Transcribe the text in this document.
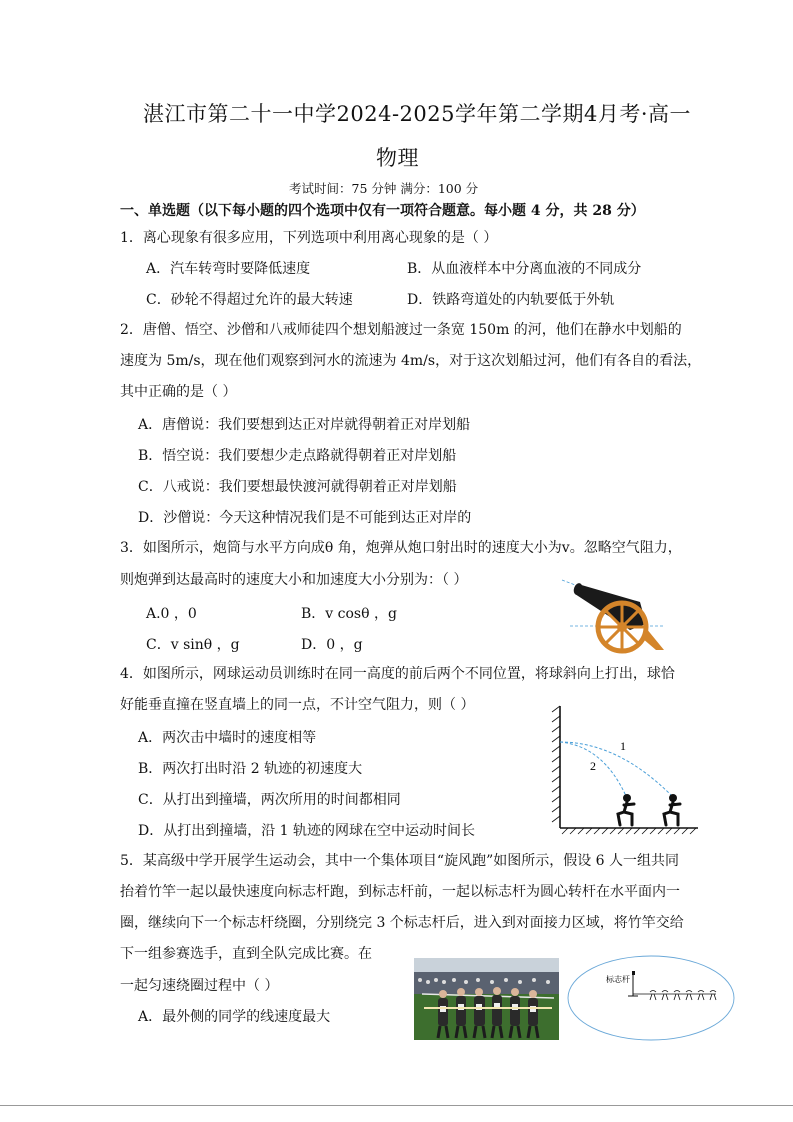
湛江市第二十一中学2024-2025学年第二学期4月考·高一
物理
考试时间：75 分钟 满分：100 分
一、单选题（以下每小题的四个选项中仅有一项符合题意。每小题 4 分，共 28 分）
1．离心现象有很多应用，下列选项中利用离心现象的是（ ）
A．汽车转弯时要降低速度	B．从血液样本中分离血液的不同成分
C．砂轮不得超过允许的最大转速	D．铁路弯道处的内轨要低于外轨
2．唐僧、悟空、沙僧和八戒师徒四个想划船渡过一条宽 150m 的河，他们在静水中划船的
速度为 5m/s，现在他们观察到河水的流速为 4m/s，对于这次划船过河，他们有各自的看法，
其中正确的是（ ）
A．唐僧说：我们要想到达正对岸就得朝着正对岸划船
B．悟空说：我们要想少走点路就得朝着正对岸划船
C．八戒说：我们要想最快渡河就得朝着正对岸划船
D．沙僧说：今天这种情况我们是不可能到达正对岸的
3．如图所示，炮筒与水平方向成θ 角，炮弹从炮口射出时的速度大小为v。忽略空气阻力，
则炮弹到达最高时的速度大小和加速度大小分别为：（ ）
A.0 ，0	B．v cosθ ，g
C．v sinθ ，g	D．0 ，g
4．如图所示，网球运动员训练时在同一高度的前后两个不同位置，将球斜向上打出，球恰
好能垂直撞在竖直墙上的同一点，不计空气阻力，则（ ）
A．两次击中墙时的速度相等
B．两次打出时沿 2 轨迹的初速度大
C．从打出到撞墙，两次所用的时间都相同
D．从打出到撞墙，沿 1 轨迹的网球在空中运动时间长
1
2
5．某高级中学开展学生运动会，其中一个集体项目“旋风跑”如图所示，假设 6 人一组共同
抬着竹竿一起以最快速度向标志杆跑，到标志杆前，一起以标志杆为圆心转杆在水平面内一
圈，继续向下一个标志杆绕圈，分别绕完 3 个标志杆后，进入到对面接力区域，将竹竿交给
下一组参赛选手，直到全队完成比赛。在
一起匀速绕圈过程中（ ）
A．最外侧的同学的线速度最大
标志杆
